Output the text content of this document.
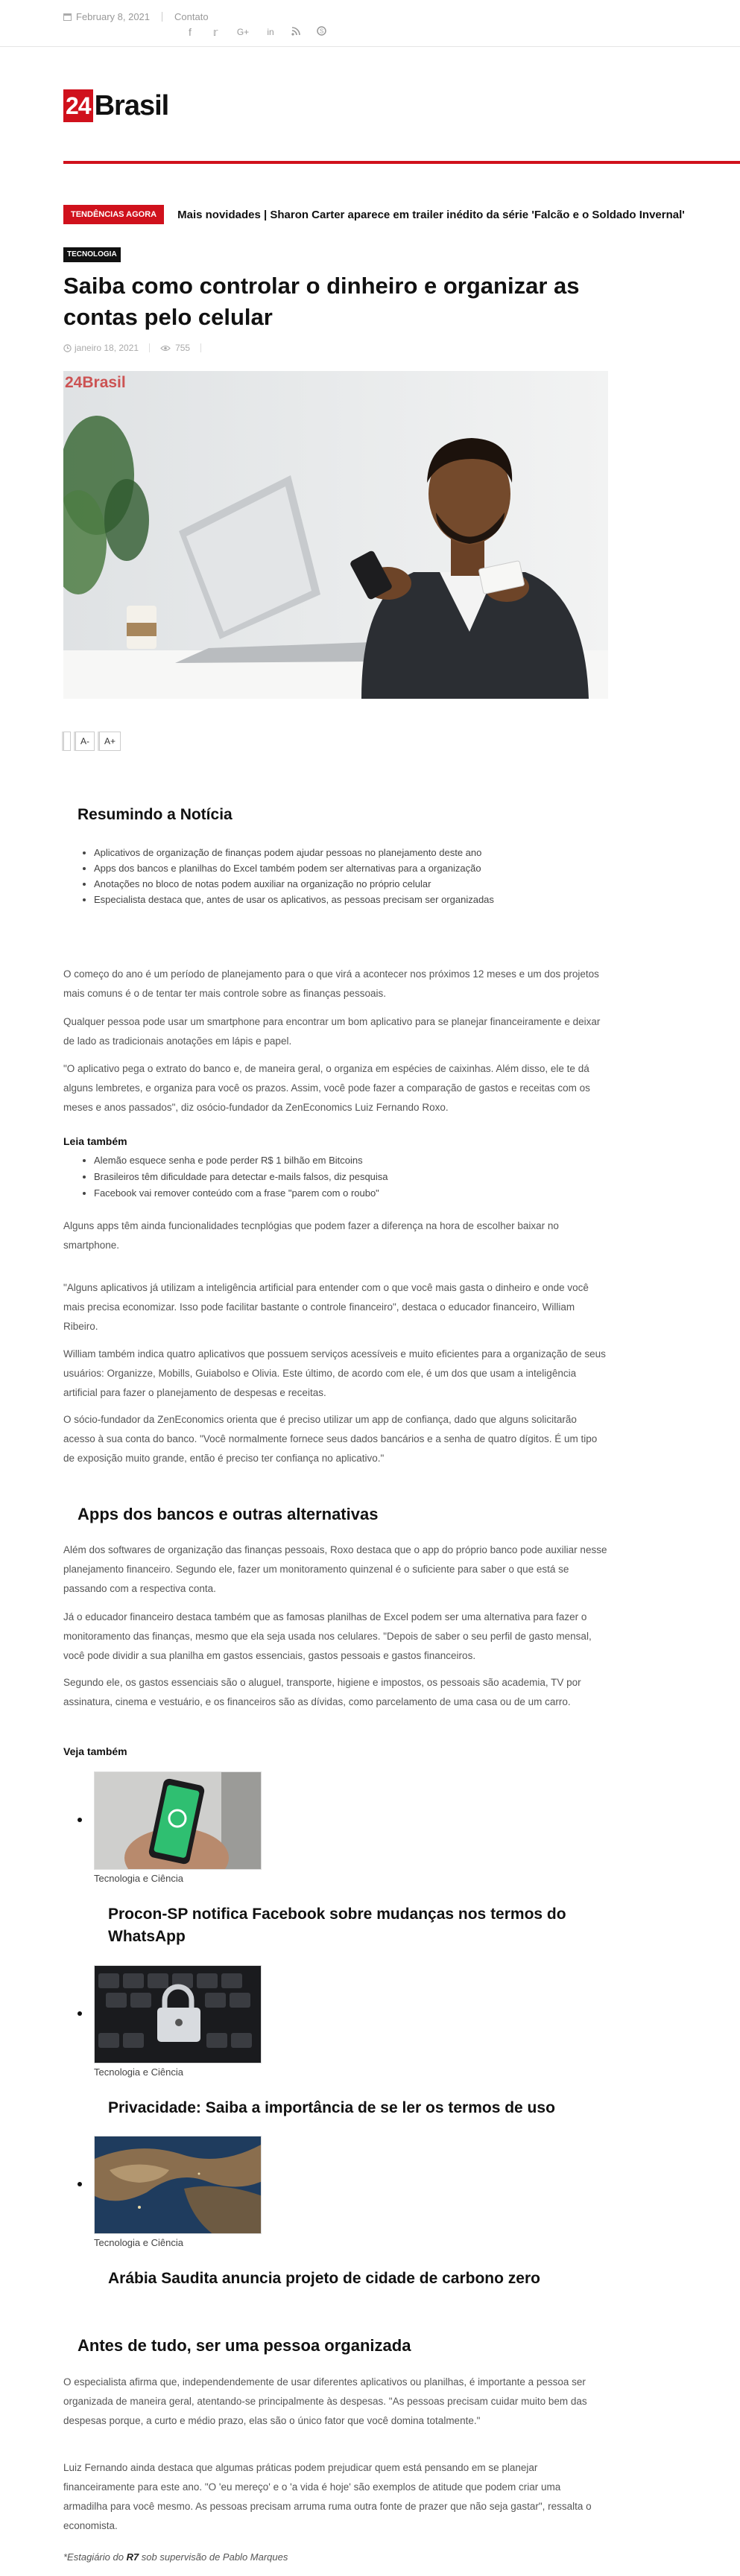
February 8, 2021	Contato
f	𝕣	G+ in	S
24 Brasil
TENDÊNCIAS AGORA	Mais novidades | Sharon Carter aparece em trailer inédito da série 'Falcão e o Soldado Invernal'
TECNOLOGIA
Saiba como controlar o dinheiro e organizar as contas pelo celular
janeiro 18, 2021	755
24Brasil
A-	A+
Resumindo a Notícia
• Aplicativos de organização de finanças podem ajudar pessoas no planejamento deste ano
• Apps dos bancos e planilhas do Excel também podem ser alternativas para a organização
• Anotações no bloco de notas podem auxiliar na organização no próprio celular
• Especialista destaca que, antes de usar os aplicativos, as pessoas precisam ser organizadas

O começo do ano é um período de planejamento para o que virá a acontecer nos próximos 12 meses e um dos projetos mais comuns é o de tentar ter mais controle sobre as finanças pessoais.

Qualquer pessoa pode usar um smartphone para encontrar um bom aplicativo para se planejar financeiramente e deixar de lado as tradicionais anotações em lápis e papel.

"O aplicativo pega o extrato do banco e, de maneira geral, o organiza em espécies de caixinhas. Além disso, ele te dá alguns lembretes, e organiza para você os prazos. Assim, você pode fazer a comparação de gastos e receitas com os meses e anos passados", diz osócio-fundador da ZenEconomics Luiz Fernando Roxo.

Leia também
• Alemão esquece senha e pode perder R$ 1 bilhão em Bitcoins
• Brasileiros têm dificuldade para detectar e-mails falsos, diz pesquisa
• Facebook vai remover conteúdo com a frase "parem com o roubo"

Alguns apps têm ainda funcionalidades tecnplógias que podem fazer a diferença na hora de escolher baixar no smartphone.

"Alguns aplicativos já utilizam a inteligência artificial para entender com o que você mais gasta o dinheiro e onde você mais precisa economizar. Isso pode facilitar bastante o controle financeiro", destaca o educador financeiro, William Ribeiro.

William também indica quatro aplicativos que possuem serviços acessíveis e muito eficientes para a organização de seus usuários: Organizze, Mobills, Guiabolso e Olivia. Este último, de acordo com ele, é um dos que usam a inteligência artificial para fazer o planejamento de despesas e receitas.

O sócio-fundador da ZenEconomics orienta que é preciso utilizar um app de confiança, dado que alguns solicitarão acesso à sua conta do banco. "Você normalmente fornece seus dados bancários e a senha de quatro dígitos. É um tipo de exposição muito grande, então é preciso ter confiança no aplicativo."

Apps dos bancos e outras alternativas

Além dos softwares de organização das finanças pessoais, Roxo destaca que o app do próprio banco pode auxiliar nesse planejamento financeiro. Segundo ele, fazer um monitoramento quinzenal é o suficiente para saber o que está se passando com a respectiva conta.

Já o educador financeiro destaca também que as famosas planilhas de Excel podem ser uma alternativa para fazer o monitoramento das finanças, mesmo que ela seja usada nos celulares. "Depois de saber o seu perfil de gasto mensal, você pode dividir a sua planilha em gastos essenciais, gastos pessoais e gastos financeiros.

Segundo ele, os gastos essenciais são o aluguel, transporte, higiene e impostos, os pessoais são academia, TV por assinatura, cinema e vestuário, e os financeiros são as dívidas, como parcelamento de uma casa ou de um carro.

Veja também
Tecnologia e Ciência
Procon-SP notifica Facebook sobre mudanças nos termos do WhatsApp
Tecnologia e Ciência
Privacidade: Saiba a importância de se ler os termos de uso
Tecnologia e Ciência
Arábia Saudita anuncia projeto de cidade de carbono zero
Antes de tudo, ser uma pessoa organizada

O especialista afirma que, independendemente de usar diferentes aplicativos ou planilhas, é importante a pessoa ser organizada de maneira geral, atentando-se principalmente às despesas. "As pessoas precisam cuidar muito bem das despesas porque, a curto e médio prazo, elas são o único fator que você domina totalmente."

Luiz Fernando ainda destaca que algumas práticas podem prejudicar quem está pensando em se planejar financeiramente para este ano. "O 'eu mereço' e o 'a vida é hoje' são exemplos de atitude que podem criar uma armadilha para você mesmo. As pessoas precisam arruma ruma outra fonte de prazer que não seja gastar", ressalta o economista.

*Estagiário do R7 sob supervisão de Pablo Marques
